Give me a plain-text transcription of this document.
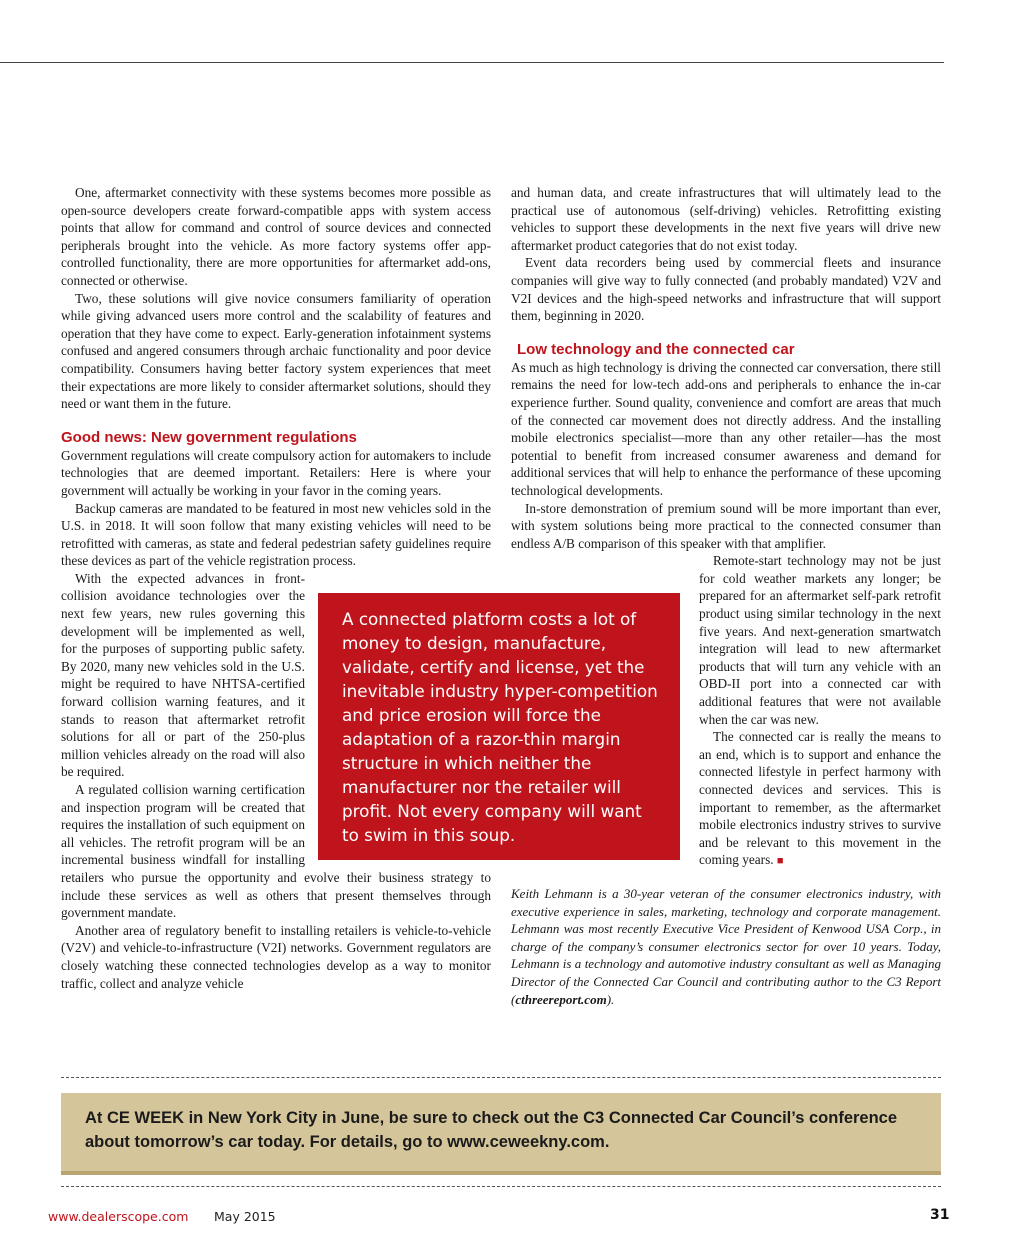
One, aftermarket connectivity with these systems becomes more possible as open-source developers create forward-compatible apps with system access points that allow for command and control of source devices and connected peripherals brought into the vehicle. As more factory systems offer app-controlled functionality, there are more opportunities for aftermarket add-ons, connected or otherwise.

Two, these solutions will give novice consumers familiarity of operation while giving advanced users more control and the scalability of features and operation that they have come to expect. Early-generation infotainment systems confused and angered consumers through archaic functionality and poor device compatibility. Consumers having better factory system experiences that meet their expectations are more likely to consider aftermarket solutions, should they need or want them in the future.

Good news: New government regulations

Government regulations will create compulsory action for automakers to include technologies that are deemed important. Retailers: Here is where your government will actually be working in your favor in the coming years.

Backup cameras are mandated to be featured in most new vehicles sold in the U.S. in 2018. It will soon follow that many existing vehicles will need to be retrofitted with cameras, as state and federal pedestrian safety guidelines require these devices as part of the vehicle registration process.

With the expected advances in front-collision avoidance technologies over the next few years, new rules governing this development will be implemented as well, for the purposes of supporting public safety. By 2020, many new vehicles sold in the U.S. might be required to have NHTSA-certified forward collision warning features, and it stands to reason that aftermarket retrofit solutions for all or part of the 250-plus million vehicles already on the road will also be required.

A regulated collision warning certification and inspection program will be created that requires the installation of such equipment on all vehicles. The retrofit program will be an incremental business windfall for installing retailers who pursue the opportunity and evolve their business strategy to include these services as well as others that present themselves through government mandate.

Another area of regulatory benefit to installing retailers is vehicle-to-vehicle (V2V) and vehicle-to-infrastructure (V2I) networks. Government regulators are closely watching these connected technologies develop as a way to monitor traffic, collect and analyze vehicle

and human data, and create infrastructures that will ultimately lead to the practical use of autonomous (self-driving) vehicles. Retrofitting existing vehicles to support these developments in the next five years will drive new aftermarket product categories that do not exist today.

Event data recorders being used by commercial fleets and insurance companies will give way to fully connected (and probably mandated) V2V and V2I devices and the high-speed networks and infrastructure that will support them, beginning in 2020.

Low technology and the connected car

As much as high technology is driving the connected car conversation, there still remains the need for low-tech add-ons and peripherals to enhance the in-car experience further. Sound quality, convenience and comfort are areas that much of the connected car movement does not directly address. And the installing mobile electronics specialist—more than any other retailer—has the most potential to benefit from increased consumer awareness and demand for additional services that will help to enhance the performance of these upcoming technological developments.

In-store demonstration of premium sound will be more important than ever, with system solutions being more practical to the connected consumer than endless A/B comparison of this speaker with that amplifier.

Remote-start technology may not be just for cold weather markets any longer; be prepared for an aftermarket self-park retrofit product using similar technology in the next five years. And next-generation smartwatch integration will lead to new aftermarket products that will turn any vehicle with an OBD-II port into a connected car with additional features that were not available when the car was new.

The connected car is really the means to an end, which is to support and enhance the connected lifestyle in perfect harmony with connected devices and services. This is important to remember, as the aftermarket mobile electronics industry strives to survive and be relevant to this movement in the coming years. ■

Keith Lehmann is a 30-year veteran of the consumer electronics industry, with executive experience in sales, marketing, technology and corporate management. Lehmann was most recently Executive Vice President of Kenwood USA Corp., in charge of the company’s consumer electronics sector for over 10 years. Today, Lehmann is a technology and automotive industry consultant as well as Managing Director of the Connected Car Council and contributing author to the C3 Report (cthreereport.com).

A connected platform costs a lot of money to design, manufacture, validate, certify and license, yet the inevitable industry hyper-competition and price erosion will force the adaptation of a razor-thin margin structure in which neither the manufacturer nor the retailer will profit. Not every company will want to swim in this soup.
At CE WEEK in New York City in June, be sure to check out the C3 Connected Car Council’s conference about tomorrow’s car today. For details, go to www.ceweekny.com.
www.dealerscope.com May 2015	31
